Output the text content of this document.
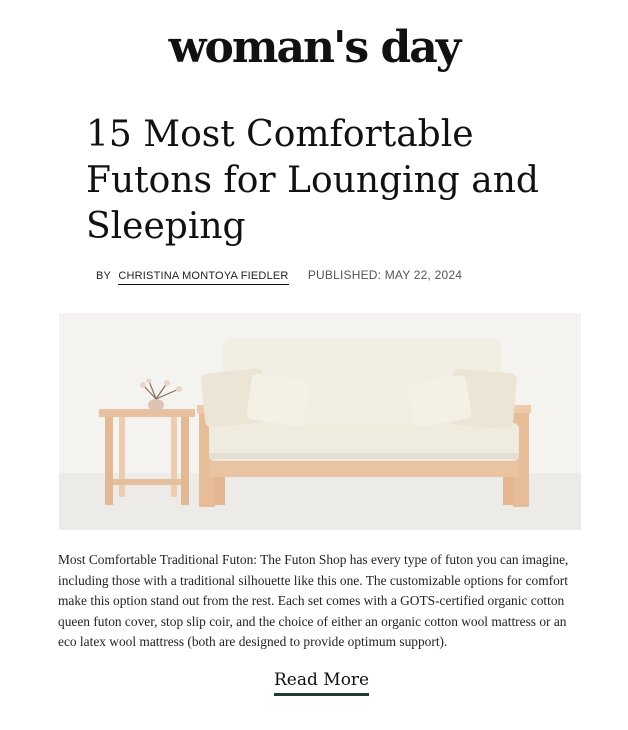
woman's day
15 Most Comfortable Futons for Lounging and Sleeping
BY CHRISTINA MONTOYA FIEDLER PUBLISHED: MAY 22, 2024

Most Comfortable Traditional Futon: The Futon Shop has every type of futon you can imagine, including those with a traditional silhouette like this one. The customizable options for comfort make this option stand out from the rest. Each set comes with a GOTS-certified organic cotton queen futon cover, stop slip coir, and the choice of either an organic cotton wool mattress or an eco latex wool mattress (both are designed to provide optimum support).

Read More
